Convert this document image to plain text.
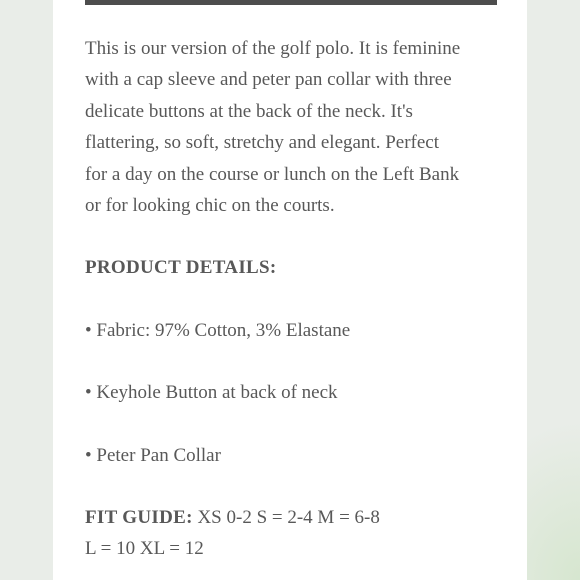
This is our version of the golf polo. It is feminine
with a cap sleeve and peter pan collar with three
delicate buttons at the back of the neck. It's
flattering, so soft, stretchy and elegant. Perfect
for a day on the course or lunch on the Left Bank
or for looking chic on the courts.

PRODUCT DETAILS:

• Fabric: 97% Cotton, 3% Elastane

• Keyhole Button at back of neck

• Peter Pan Collar

FIT GUIDE: XS 0-2 S = 2-4 M = 6-8
L = 10 XL = 12
